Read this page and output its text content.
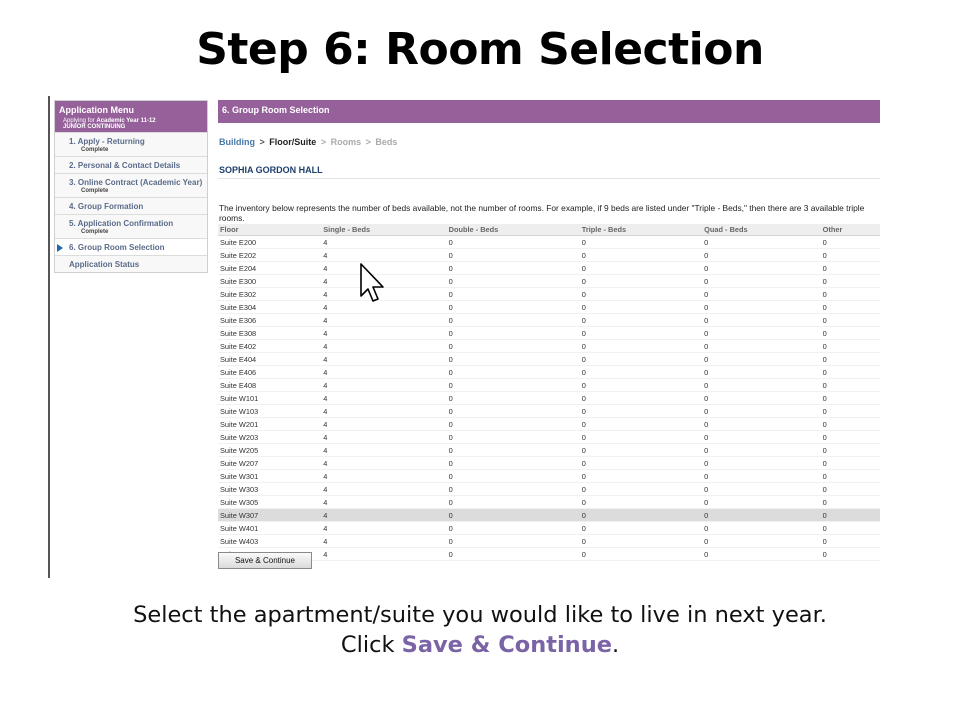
Step 6: Room Selection
Application Menu
Applying for Academic Year 11-12
JUNIOR CONTINUING
1. Apply - Returning
Complete
2. Personal & Contact Details
3. Online Contract (Academic Year)
Complete
4. Group Formation
5. Application Confirmation
Complete
6. Group Room Selection
Application Status
6. Group Room Selection
Building > Floor/Suite > Rooms > Beds
SOPHIA GORDON HALL
The inventory below represents the number of beds available, not the number of rooms. For example, if 9 beds are listed under "Triple - Beds," then there are 3 available triple rooms.
Floor	Single - Beds	Double - Beds	Triple - Beds	Quad - Beds	Other
Suite E200	4	0	0	0	0
Suite E202	4	0	0	0	0
Suite E204	4	0	0	0	0
Suite E300	4	0	0	0	0
Suite E302	4	0	0	0	0
Suite E304	4	0	0	0	0
Suite E306	4	0	0	0	0
Suite E308	4	0	0	0	0
Suite E402	4	0	0	0	0
Suite E404	4	0	0	0	0
Suite E406	4	0	0	0	0
Suite E408	4	0	0	0	0
Suite W101	4	0	0	0	0
Suite W103	4	0	0	0	0
Suite W201	4	0	0	0	0
Suite W203	4	0	0	0	0
Suite W205	4	0	0	0	0
Suite W207	4	0	0	0	0
Suite W301	4	0	0	0	0
Suite W303	4	0	0	0	0
Suite W305	4	0	0	0	0
Suite W307	4	0	0	0	0
Suite W401	4	0	0	0	0
Suite W403	4	0	0	0	0
	4	0	0	0	0
Save & Continue
Select the apartment/suite you would like to live in next year.
Click Save & Continue.
